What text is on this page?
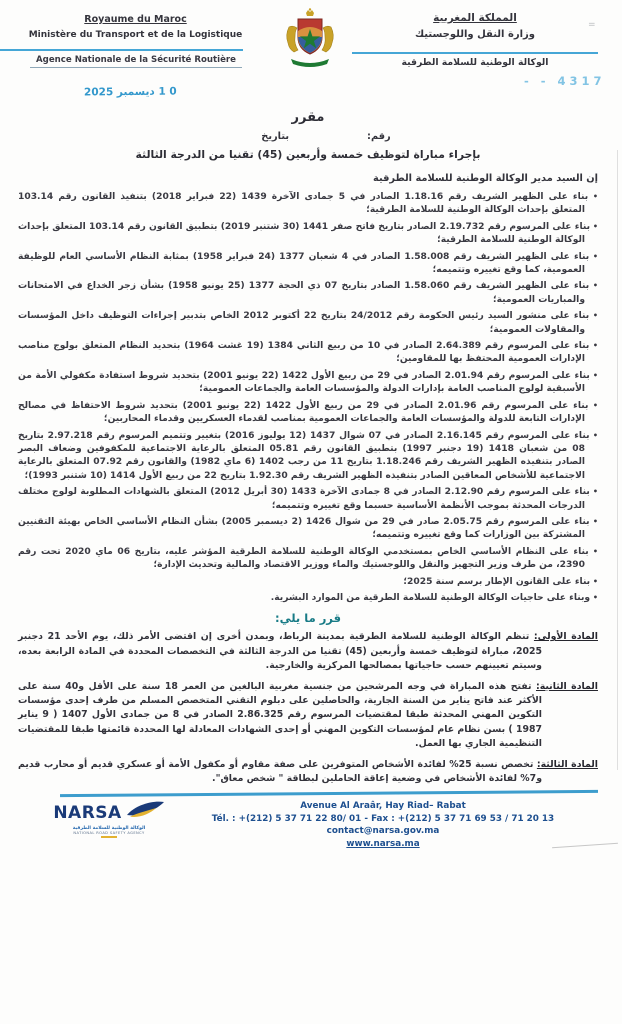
Royaume du Maroc
Ministère du Transport et de la Logistique
Agence Nationale de la Sécurité Routière
المملكة المغربية
وزارة النقل واللوجستيك
الوكالة الوطنية للسلامة الطرقية
=
- - 4317
0 1 ديسمبر 2025
مقرر
رقم:
بتاريخ
بإجراء مباراة لتوظيف خمسة وأربعين (45) تقنيا من الدرجة الثالثة
إن السيد مدير الوكالة الوطنية للسلامة الطرقية
• بناء على الظهير الشريف رقم 1.18.16 الصادر في 5 جمادى الآخرة 1439 (22 فبراير 2018) بتنفيذ القانون رقم 103.14 المتعلق بإحداث الوكالة الوطنية للسلامة الطرقية؛
• بناء على المرسوم رقم 2.19.732 الصادر بتاريخ فاتح صفر 1441 (30 شتنبر 2019) بتطبيق القانون رقم 103.14 المتعلق بإحداث الوكالة الوطنية للسلامة الطرقية؛
• بناء على الظهير الشريف رقم 1.58.008 الصادر في 4 شعبان 1377 (24 فبراير 1958) بمثابة النظام الأساسي العام للوظيفة العمومية، كما وقع تغييره وتتميمه؛
• بناء على الظهير الشريف رقم 1.58.060 الصادر بتاريخ 07 ذي الحجة 1377 (25 يونيو 1958) بشأن زجر الخداع في الامتحانات والمباريات العمومية؛
• بناء على منشور السيد رئيس الحكومة رقم 24/2012 بتاريخ 22 أكتوبر 2012 الخاص بتدبير إجراءات التوظيف داخل المؤسسات والمقاولات العمومية؛
• بناء على المرسوم رقم 2.64.389 الصادر في 10 من ربيع الثاني 1384 (19 غشت 1964) بتحديد النظام المتعلق بولوج مناصب الإدارات العمومية المحتفظ بها للمقاومين؛
• بناء على المرسوم رقم 2.01.94 الصادر في 29 من ربيع الأول 1422 (22 يونيو 2001) بتحديد شروط استفادة مكفولي الأمة من الأسبقية لولوج المناصب العامة بإدارات الدولة والمؤسسات العامة والجماعات العمومية؛
• بناء على المرسوم رقم 2.01.96 الصادر في 29 من ربيع الأول 1422 (22 يونيو 2001) بتحديد شروط الاحتفاظ في مصالح الإدارات التابعة للدولة والمؤسسات العامة والجماعات العمومية بمناصب لقدماء العسكريين وقدماء المحاربين؛
• بناء على المرسوم رقم 2.16.145 الصادر في 07 شوال 1437 (12 يوليوز 2016) بتغيير وتتميم المرسوم رقم 2.97.218 بتاريخ 08 من شعبان 1418 (19 دجنبر 1997) بتطبيق القانون رقم 05.81 المتعلق بالرعاية الاجتماعية للمكفوفين وضعاف البصر الصادر بتنفيذه الظهير الشريف رقم 1.18.246 بتاريخ 11 من رجب 1402 (6 ماي 1982) والقانون رقم 07.92 المتعلق بالرعاية الاجتماعية للأشخاص المعاقين الصادر بتنفيذه الظهير الشريف رقم 1.92.30 بتاريخ 22 من ربيع الأول 1414 (10 شتنبر 1993)؛
• بناء على المرسوم رقم 2.12.90 الصادر في 8 جمادى الآخرة 1433 (30 أبريل 2012) المتعلق بالشهادات المطلوبة لولوج مختلف الدرجات المحدثة بموجب الأنظمة الأساسية حسبما وقع تغييره وتتميمه؛
• بناء على المرسوم رقم 2.05.75 صادر في 29 من شوال 1426 (2 ديسمبر 2005) بشأن النظام الأساسي الخاص بهيئة التقنيين المشتركة بين الوزارات كما وقع تغييره وتتميمه؛
• بناء على النظام الأساسي الخاص بمستخدمي الوكالة الوطنية للسلامة الطرقية المؤشر عليه، بتاريخ 06 ماي 2020 تحت رقم 2390، من طرف وزير التجهيز والنقل واللوجستيك والماء ووزير الاقتصاد والمالية وتحديث الإدارة؛
• بناء على القانون الإطار برسم سنة 2025؛
• وبناء على حاجيات الوكالة الوطنية للسلامة الطرقية من الموارد البشرية.
قرر ما يلي:
المادة الأولى: تنظم الوكالة الوطنية للسلامة الطرقية بمدينة الرباط، وبمدن أخرى إن اقتضى الأمر ذلك، يوم الأحد 21 دجنبر 2025، مباراة لتوظيف خمسة وأربعين (45) تقنيا من الدرجة الثالثة في التخصصات المحددة في المادة الرابعة بعده، وسيتم تعيينهم حسب حاجياتها بمصالحها المركزية والخارجية.
المادة الثانية: تفتح هذه المباراة في وجه المرشحين من جنسية مغربية البالغين من العمر 18 سنة على الأقل و40 سنة على الأكثر عند فاتح يناير من السنة الجارية، والحاصلين على دبلوم التقني المتخصص المسلم من طرف إحدى مؤسسات التكوين المهني المحدثة طبقا لمقتضيات المرسوم رقم 2.86.325 الصادر في 8 من جمادى الأول 1407 ( 9 يناير 1987 ) بسن نظام عام لمؤسسات التكوين المهني أو إحدى الشهادات المعادلة لها المحددة قائمتها طبقا للمقتضيات التنظيمية الجاري بها العمل.
المادة الثالثة: تخصص نسبة 25% لفائدة الأشخاص المتوفرين على صفة مقاوم أو مكفول الأمة أو عسكري قديم أو محارب قديم و7% لفائدة الأشخاص في وضعية إعاقة الحاملين لبطاقة " شخص معاق".
NARSA
الوكالة الوطنية للسلامة الطرقية
NATIONAL ROAD SAFETY AGENCY
Avenue Al Araâr, Hay Riad– Rabat
Tél. : +(212) 5 37 71 22 80/ 01 - Fax : +(212) 5 37 71 69 53 / 71 20 13
contact@narsa.gov.ma
www.narsa.ma
